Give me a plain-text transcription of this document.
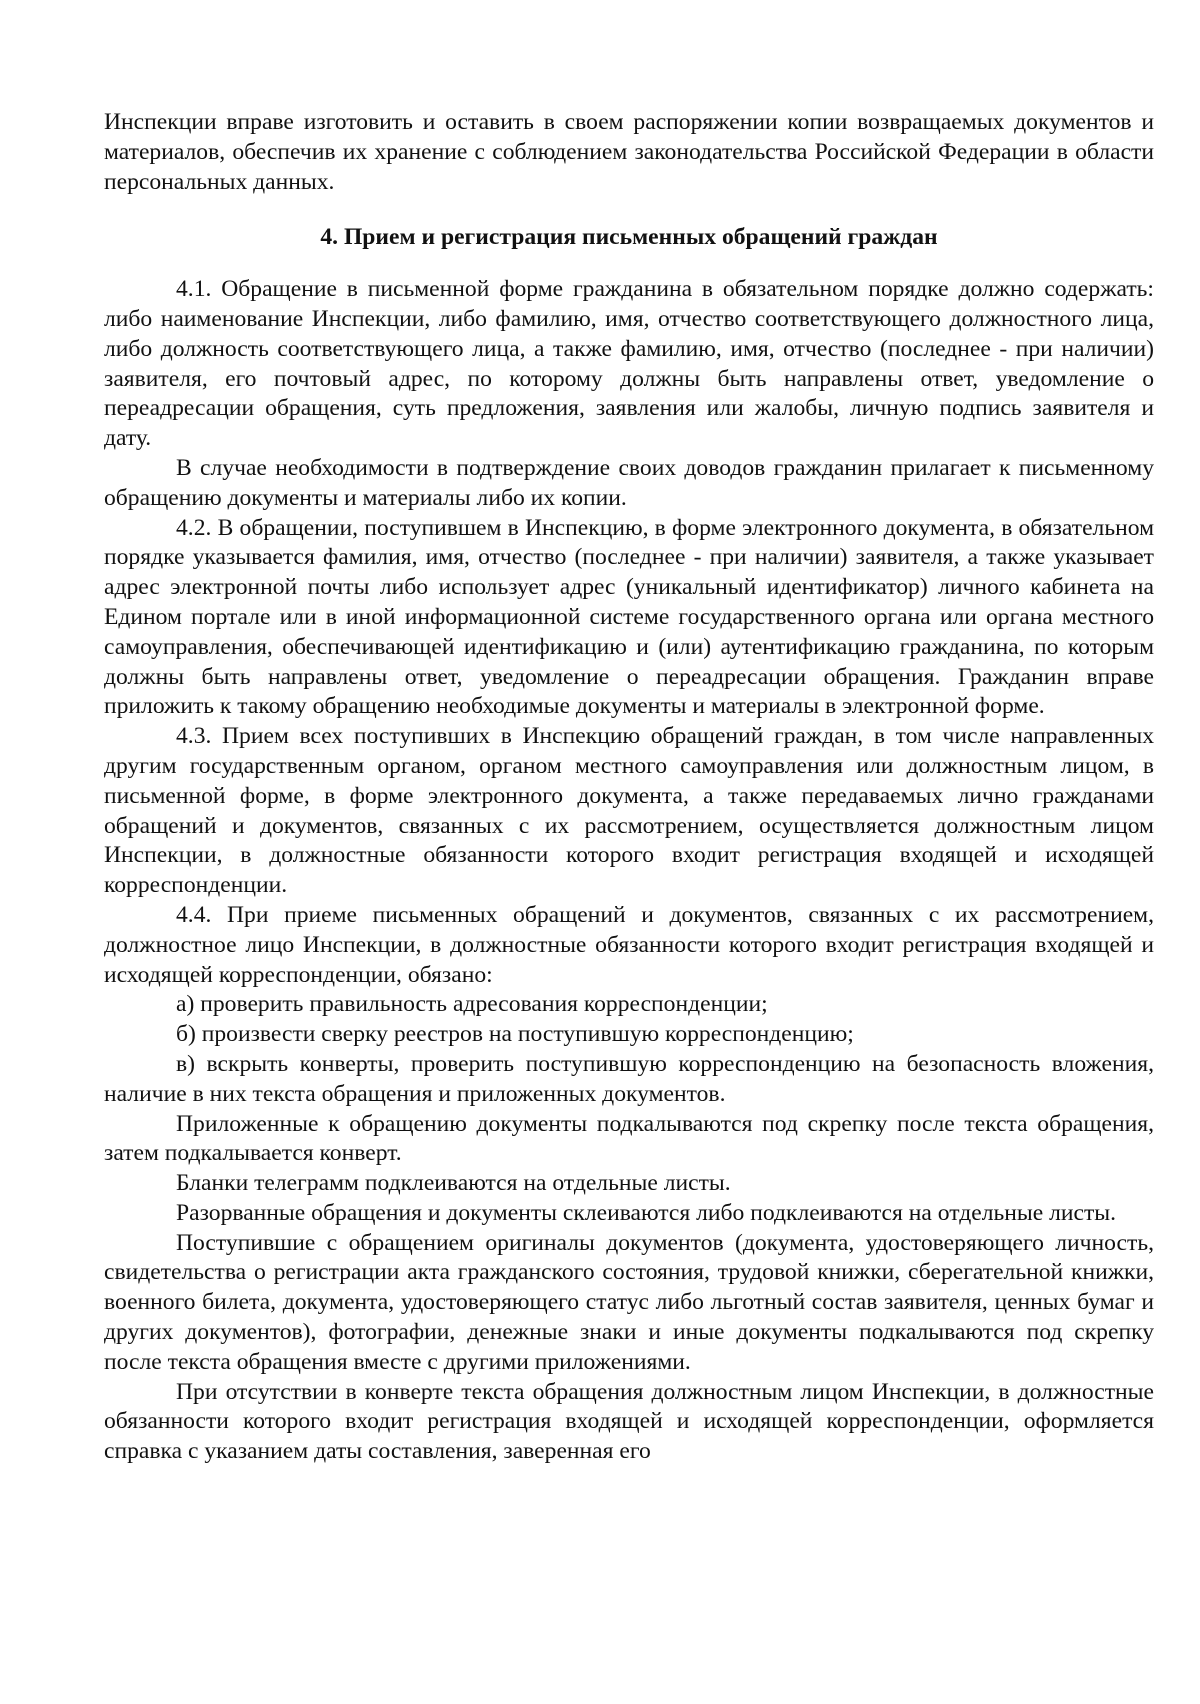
Инспекции вправе изготовить и оставить в своем распоряжении копии возвращаемых документов и материалов, обеспечив их хранение с соблюдением законодательства Российской Федерации в области персональных данных.

4. Прием и регистрация письменных обращений граждан

4.1. Обращение в письменной форме гражданина в обязательном порядке должно содержать: либо наименование Инспекции, либо фамилию, имя, отчество соответствующего должностного лица, либо должность соответствующего лица, а также фамилию, имя, отчество (последнее - при наличии) заявителя, его почтовый адрес, по которому должны быть направлены ответ, уведомление о переадресации обращения, суть предложения, заявления или жалобы, личную подпись заявителя и дату.

В случае необходимости в подтверждение своих доводов гражданин прилагает к письменному обращению документы и материалы либо их копии.

4.2. В обращении, поступившем в Инспекцию, в форме электронного документа, в обязательном порядке указывается фамилия, имя, отчество (последнее - при наличии) заявителя, а также указывает адрес электронной почты либо использует адрес (уникальный идентификатор) личного кабинета на Едином портале или в иной информационной системе государственного органа или органа местного самоуправления, обеспечивающей идентификацию и (или) аутентификацию гражданина, по которым должны быть направлены ответ, уведомление о переадресации обращения. Гражданин вправе приложить к такому обращению необходимые документы и материалы в электронной форме.

4.3. Прием всех поступивших в Инспекцию обращений граждан, в том числе направленных другим государственным органом, органом местного самоуправления или должностным лицом, в письменной форме, в форме электронного документа, а также передаваемых лично гражданами обращений и документов, связанных с их рассмотрением, осуществляется должностным лицом Инспекции, в должностные обязанности которого входит регистрация входящей и исходящей корреспонденции.

4.4. При приеме письменных обращений и документов, связанных с их рассмотрением, должностное лицо Инспекции, в должностные обязанности которого входит регистрация входящей и исходящей корреспонденции, обязано:

а) проверить правильность адресования корреспонденции;

б) произвести сверку реестров на поступившую корреспонденцию;

в) вскрыть конверты, проверить поступившую корреспонденцию на безопасность вложения, наличие в них текста обращения и приложенных документов.

Приложенные к обращению документы подкалываются под скрепку после текста обращения, затем подкалывается конверт.

Бланки телеграмм подклеиваются на отдельные листы.

Разорванные обращения и документы склеиваются либо подклеиваются на отдельные листы.

Поступившие с обращением оригиналы документов (документа, удостоверяющего личность, свидетельства о регистрации акта гражданского состояния, трудовой книжки, сберегательной книжки, военного билета, документа, удостоверяющего статус либо льготный состав заявителя, ценных бумаг и других документов), фотографии, денежные знаки и иные документы подкалываются под скрепку после текста обращения вместе с другими приложениями.

При отсутствии в конверте текста обращения должностным лицом Инспекции, в должностные обязанности которого входит регистрация входящей и исходящей корреспонденции, оформляется справка с указанием даты составления, заверенная его
